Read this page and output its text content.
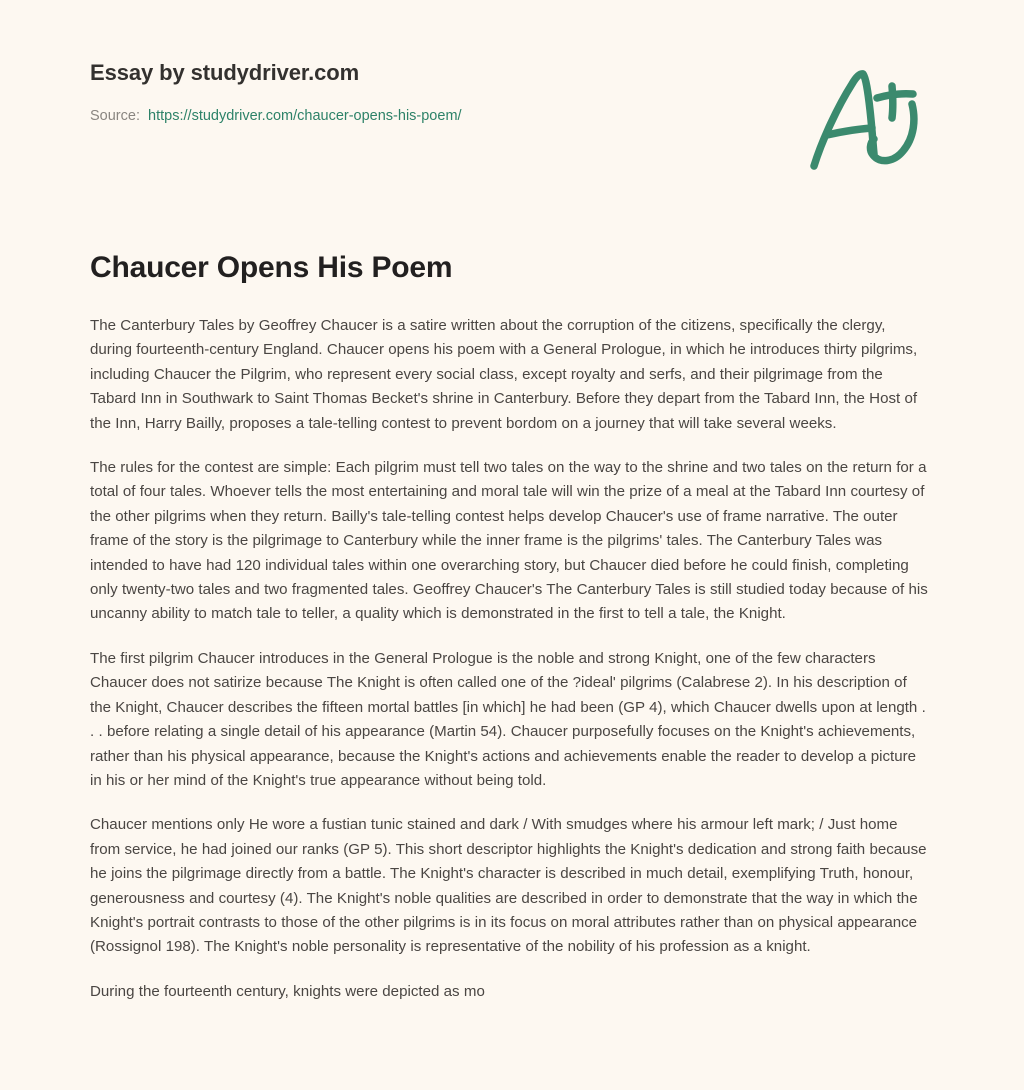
Essay by studydriver.com
Source: https://studydriver.com/chaucer-opens-his-poem/
Chaucer Opens His Poem

The Canterbury Tales by Geoffrey Chaucer is a satire written about the corruption of the citizens, specifically the clergy, during fourteenth-century England. Chaucer opens his poem with a General Prologue, in which he introduces thirty pilgrims, including Chaucer the Pilgrim, who represent every social class, except royalty and serfs, and their pilgrimage from the Tabard Inn in Southwark to Saint Thomas Becket's shrine in Canterbury. Before they depart from the Tabard Inn, the Host of the Inn, Harry Bailly, proposes a tale-telling contest to prevent bordom on a journey that will take several weeks.

The rules for the contest are simple: Each pilgrim must tell two tales on the way to the shrine and two tales on the return for a total of four tales. Whoever tells the most entertaining and moral tale will win the prize of a meal at the Tabard Inn courtesy of the other pilgrims when they return. Bailly's tale-telling contest helps develop Chaucer's use of frame narrative. The outer frame of the story is the pilgrimage to Canterbury while the inner frame is the pilgrims' tales. The Canterbury Tales was intended to have had 120 individual tales within one overarching story, but Chaucer died before he could finish, completing only twenty-two tales and two fragmented tales. Geoffrey Chaucer's The Canterbury Tales is still studied today because of his uncanny ability to match tale to teller, a quality which is demonstrated in the first to tell a tale, the Knight.

The first pilgrim Chaucer introduces in the General Prologue is the noble and strong Knight, one of the few characters Chaucer does not satirize because The Knight is often called one of the ?ideal' pilgrims (Calabrese 2). In his description of the Knight, Chaucer describes the fifteen mortal battles [in which] he had been (GP 4), which Chaucer dwells upon at length . . . before relating a single detail of his appearance (Martin 54). Chaucer purposefully focuses on the Knight's achievements, rather than his physical appearance, because the Knight's actions and achievements enable the reader to develop a picture in his or her mind of the Knight's true appearance without being told.

Chaucer mentions only He wore a fustian tunic stained and dark / With smudges where his armour left mark; / Just home from service, he had joined our ranks (GP 5). This short descriptor highlights the Knight's dedication and strong faith because he joins the pilgrimage directly from a battle. The Knight's character is described in much detail, exemplifying Truth, honour, generousness and courtesy (4). The Knight's noble qualities are described in order to demonstrate that the way in which the Knight's portrait contrasts to those of the other pilgrims is in its focus on moral attributes rather than on physical appearance (Rossignol 198). The Knight's noble personality is representative of the nobility of his profession as a knight.

During the fourteenth century, knights were depicted as mo
